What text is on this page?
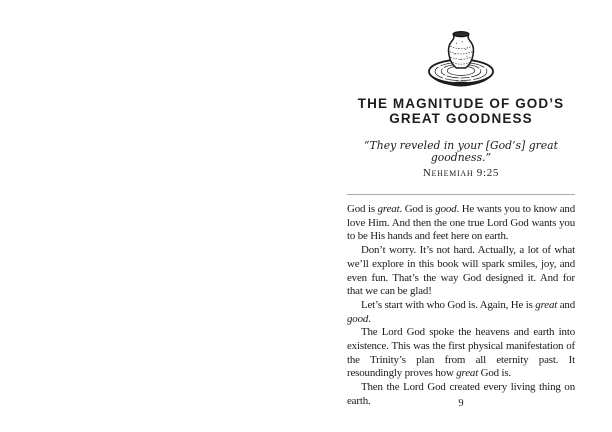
THE MAGNITUDE OF GOD’S
GREAT GOODNESS
“They reveled in your [God’s] great goodness.”
Nehemiah 9:25

God is great. God is good. He wants you to know and love Him. And then the one true Lord God wants you to be His hands and feet here on earth.

Don’t worry. It’s not hard. Actually, a lot of what we’ll explore in this book will spark smiles, joy, and even fun. That’s the way God designed it. And for that we can be glad!

Let’s start with who God is. Again, He is great and good.

The Lord God spoke the heavens and earth into existence. This was the first physical manifestation of the Trinity’s plan from all eternity past. It resoundingly proves how great God is.

Then the Lord God created every living thing on earth.	9
